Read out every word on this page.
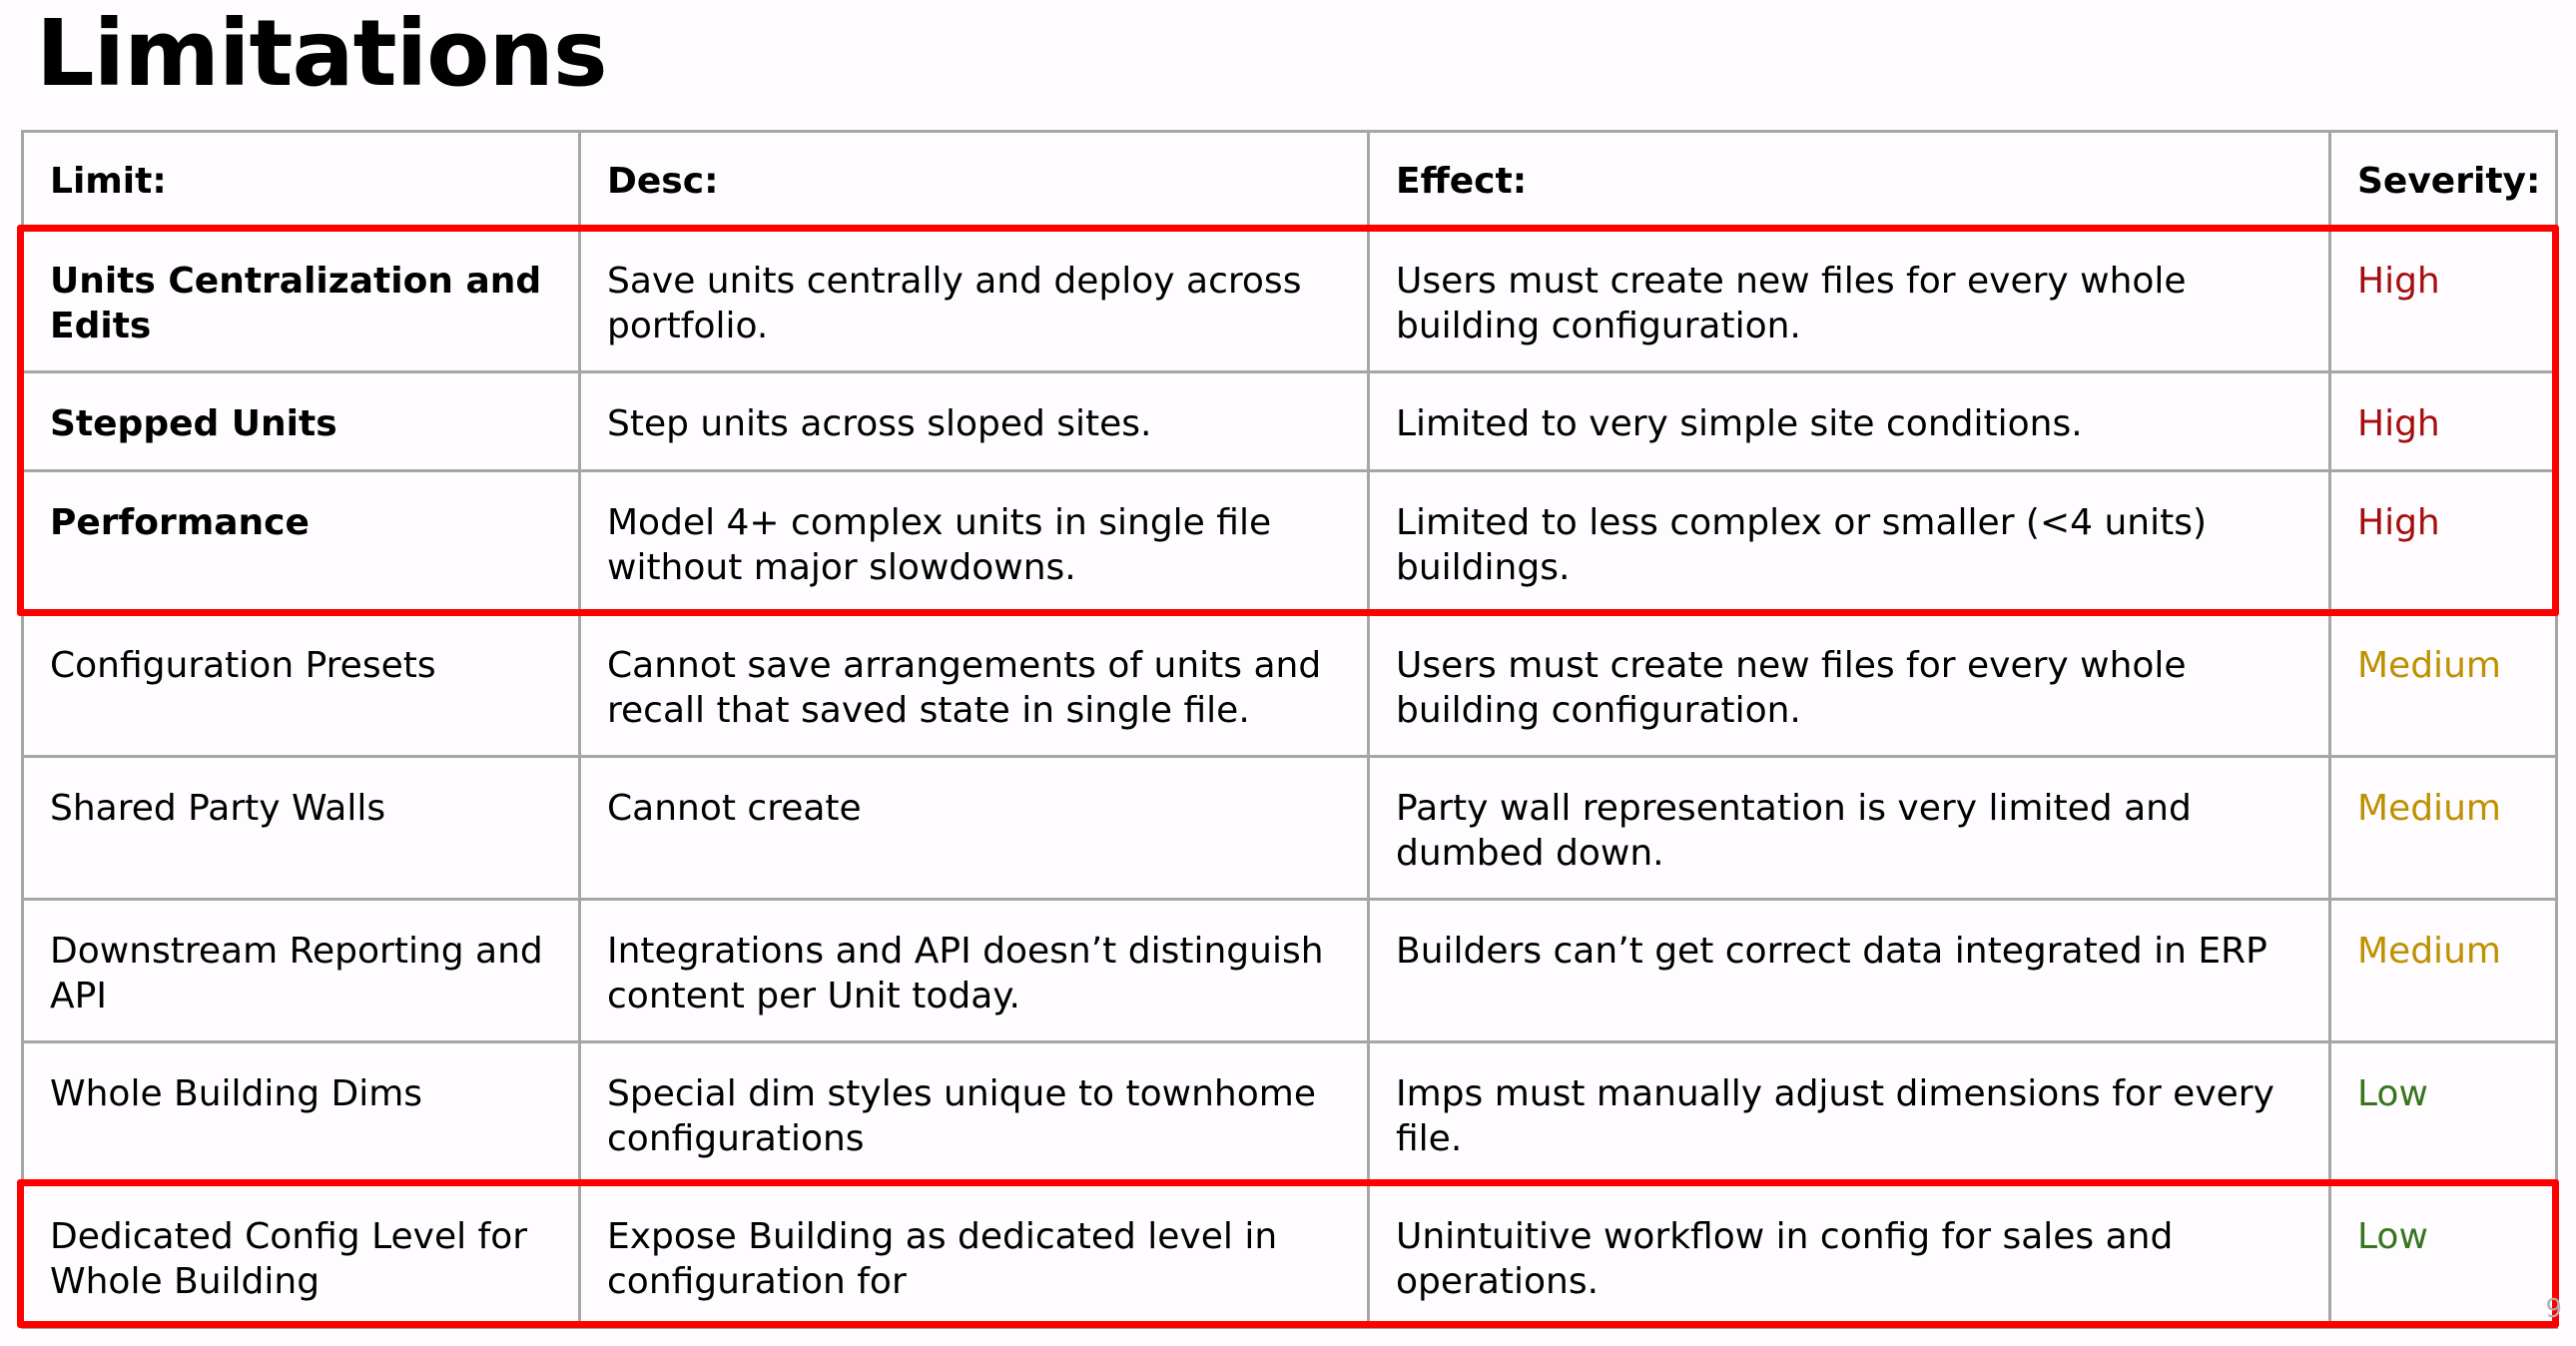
Limitations
Limit:	Desc:	Effect:	Severity:
Units Centralization and Edits	Save units centrally and deploy across portfolio.	Users must create new files for every whole building configuration.	High
Stepped Units	Step units across sloped sites.	Limited to very simple site conditions.	High
Performance	Model 4+ complex units in single file without major slowdowns.	Limited to less complex or smaller (<4 units) buildings.	High
Configuration Presets	Cannot save arrangements of units and recall that saved state in single file.	Users must create new files for every whole building configuration.	Medium
Shared Party Walls	Cannot create	Party wall representation is very limited and dumbed down.	Medium
Downstream Reporting and API	Integrations and API doesn’t distinguish content per Unit today.	Builders can’t get correct data integrated in ERP	Medium
Whole Building Dims	Special dim styles unique to townhome configurations	Imps must manually adjust dimensions for every file.	Low
Dedicated Config Level for Whole Building	Expose Building as dedicated level in configuration for	Unintuitive workflow in config for sales and operations.	Low
9
